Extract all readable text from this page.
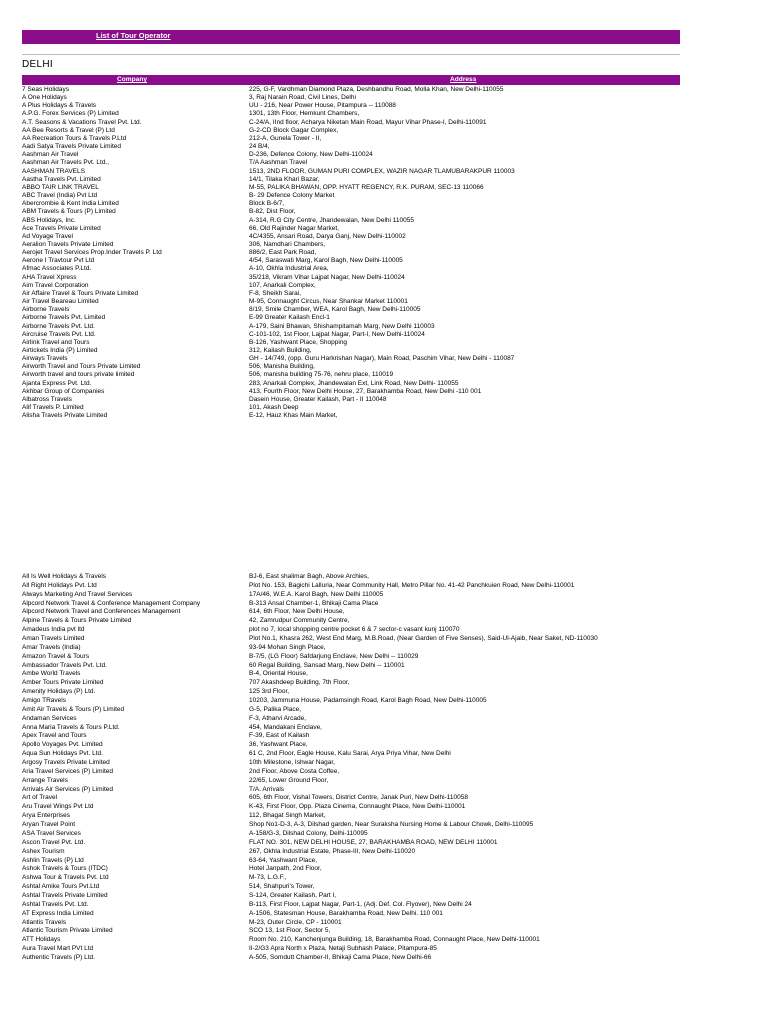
List of Tour Operator
DELHI
Company	Address
7 Seas Holidays	225, G-F, Vardhman Diamond Plaza, Deshbandhu Road, Molla Khan, New Delhi-110055
A One Holidays	3, Raj Narain Road, Civil Lines, Delhi
A Plus Holidays & Travels	UU - 216, Near Power House, Pitampura -- 110088
A.P.G. Forex Services (P) Limited	1301, 13th Floor, Hemkunt Chambers,
A.T. Seasons & Vacations Travel Pvt. Ltd.	C-24/A, IInd floor, Acharya Niketan Main Road, Mayur Vihar Phase-I, Delhi-110091
AA Bee Resorts & Travel (P) Ltd	G-2-CD Block Gagar Complex,
AA Recreation Tours & Travels P.Ltd	212-A, Gunela Tower - II,
Aadi Satya Travels Private Limited	24 B/4,
Aashman Air Travel	D-236, Defence Colony, New Delhi-110024
Aashman Air Travels Pvt. Ltd.,	T/A Aashman Travel
AASHMAN TRAVELS	1513, 2ND FLOOR, GUMAN PURI COMPLEX, WAZIR NAGAR TLAMUBARAKPUR 110003
Aastha Travels Pvt. Limited	14/1, Tilaka Khari Bazar,
ABBO TAIR LINK TRAVEL	M-55, PALIKA BHAWAN, OPP. HYATT REGENCY, R.K. PURAM, SEC-13 110066
ABC Travel (India) Pvt Ltd	B- 29 Defence Colony Market
Abercrombie & Kent India Limited	Block B-6/7,
ABM Travels & Tours (P) Limited	B-82, Dist Floor,
ABS Holidays, Inc.	A-314, R.G City Centre, Jhandewalan, New Delhi 110055
Ace Travels Private Limited	66, Old Rajinder Nagar Market,
Ad Voyage Travel	4C/4355, Ansari Road, Darya Ganj, New Delhi-110002
Aeralion Travels Private Limited	306, Namdhari Chambers,
Aerojet Travel Services Prop.Inder Travels P. Ltd	886/2, East Park Road,
Aerone I Travtour Pvt Ltd	4/54, Saraswati Marg, Karol Bagh, New Delhi-110005
Afmac Associates P.Ltd.	A-10, Okhla Industrial Area,
AHA Travel Xpress	35/218, Vikram Vihar Lajpat Nagar, New Delhi-110024
Aim Travel Corporation	107, Anarkali Complex,
Air Affaire Travel & Tours Private Limited	F-8, Sheikh Sarai,
Air Travel Beareau Limited	M-95, Connaught Circus, Near Shankar Market 110001
Airborne Travels	8/19, Smile Chamber, WEA, Karol Bagh, New Delhi-110005
Airborne Travels Pvt. Limited	E-99 Greater Kailash Encl-1
Airborne Travels Pvt. Ltd.	A-179, Saini Bhawan, Shishampitamah Marg, New Delhi 110003
Aircruise Travels Pvt. Ltd.	C-101-102, 1st Floor, Lajpat Nagar, Part-I, New Delhi-110024
Airlink Travel and Tours	B-126, Yashwant Place, Shopping
Airtickets India (P) Limited	312, Kailash Building,
Airways Travels	GH - 14/749, (opp. Guru Harkrishan Nagar), Main Road, Paschim Vihar, New Delhi - 110087
Airworth Travel and Tours Private Limited	506, Manisha Building,
Airworth travel and tours private limited	506, manisha building 75-76, nehru place, 110019
Ajanta Express Pvt. Ltd.	283, Anarkali Complex, Jhandewalan Ext, Link Road, New Delhi- 110055
Akhbar Group of Companies	413, Fourth Floor, New Delhi House, 27, Barakhamba Road, New Delhi -110 001
Albatross Travels	Dasein House, Greater Kailash, Part - II 110048
Alif Travels P. Limited	101, Akash Deep
Alisha Travels Private Limited	E-12, Hauz Khas Main Market,
All Is Well Holidays & Travels	BJ-6, East shalimar Bagh, Above Archies,
All Right Holidays Pvt. Ltd	Plot No. 153, Bagichi Lalluria, Near Community Hall, Metro Pillar No. 41-42 Panchkuien Road, New Delhi-110001
Always Marketing And Travel Services	17A/46, W.E.A. Karol Bagh, New Delhi 110005
Alpcord Network Travel & Conference Management Company	B-313 Ansal Chamber-1, Bhikaji Cama Place
Alpcord Network Travel and Conferences Management	614, 6th Floor, New Delhi House,
Alpine Travels & Tours Private Limited	42, Zamrudpur Community Centre,
Amadeus India pvt ltd	plot no 7, local shopping centre pocket 6 & 7 sector-c vasant kunj 110070
Aman Travels Limited	Plot No.1, Khasra 262, West End Marg, M.B.Road, (Near Garden of Five Senses), Said-Ul-Ajaib, Near Saket, ND-110030
Amar Travels (India)	93-94 Mohan Singh Place,
Amazon Travel & Tours	B-7/5, (LG Floor) Safdarjung Enclave, New Delhi -- 110029
Ambassador Travels Pvt. Ltd.	60 Regal Building, Sansad Marg, New Delhi -- 110001
Ambe World Travels	B-4, Oriental House,
Amber Tours Private Limited	707 Akashdeep Building, 7th Floor,
Amenity Holidays (P) Ltd.	125 3rd Floor,
Amigo TRavels	10203, Jammuna House, Padamsingh Road, Karol Bagh Road, New Delhi-110005
Amit Air Travels & Tours (P) Limited	G-5, Palika Place,
Andaman Services	F-3, Atharvi Arcade,
Anna Maria Travels & Tours P.Ltd.	454, Mandakani Enclave,
Apex Travel and Tours	F-39, East of Kailash
Apollo Voyages Pvt. Limited	36, Yashwant Place,
Aqua Sun Holidays Pvt. Ltd.	61 C, 2nd Floor, Eagle House, Kalu Sarai, Arya Priya Vihar, New Delhi
Argosy Travels Private Limited	10th Milestone, Ishwar Nagar,
Aria Travel Services (P) Limited	2nd Floor, Above Costa Coffee,
Arrange Travels	22/65, Lower Ground Floor,
Arrivals Air Services (P) Limited	T/A. Arrivals
Art of Travel	605, 6th Floor, Vishal Towers, District Centre, Janak Puri, New Delhi-110058
Aru Travel Wings Pvt Ltd	K-43, First Floor, Opp. Plaza Cinema, Connaught Place, New Delhi-110001
Arya Enterprises	112, Bhagat Singh Market,
Aryan Travel Point	Shop No1-D-3, A-3, Dilshad garden, Near Suraksha Nursing Home & Labour Chowk, Delhi-110095
ASA Travel Services	A-158/G-3, Dilshad Colony, Delhi-110095
Ascon Travel Pvt. Ltd.	FLAT NO. 301, NEW DELHI HOUSE, 27, BARAKHAMBA ROAD, NEW DELHI 110001
Ashex Tourism	267, Okhla Industrial Estate, Phase-III, New Delhi-110020
Ashlin Travels (P) Ltd	63-64, Yashwant Place,
Ashok Travels & Tours (ITDC)	Hotel Janpath, 2nd Floor,
Ashwa Tour & Travels Pvt. Ltd	M-73, L.G.F.,
Ashtal Amike Tours Pvt.Ltd	514, Shahpuri's Tower,
Ashtal Travels Private Limited	S-124, Greater Kailash, Part I,
Ashtal Travels Pvt. Ltd.	B-113, First Floor, Lajpat Nagar, Part-1, (Adj. Def. Col. Flyover), New Delhi 24
AT Express India Limited	A-1506, Statesman House, Barakhamba Road, New Delhi. 110 001
Atlantis Travels	M-23, Outer Circle, CP - 110001
Atlantic Tourism Private Limited	SCO 13, 1st Floor, Sector 5,
ATT Holidays	Room No. 210, Kanchenjunga Building, 18, Barakhamba Road, Connaught Place, New Delhi-110001
Aura Travel Mart PVt Ltd	II-2/G3 Apra North x Plaza, Netaji Subhash Palace, Pitampura-85
Authentic Travels (P) Ltd.	A-505, Somdutt Chamber-II, Bhikaji Cama Place, New Delhi-66
